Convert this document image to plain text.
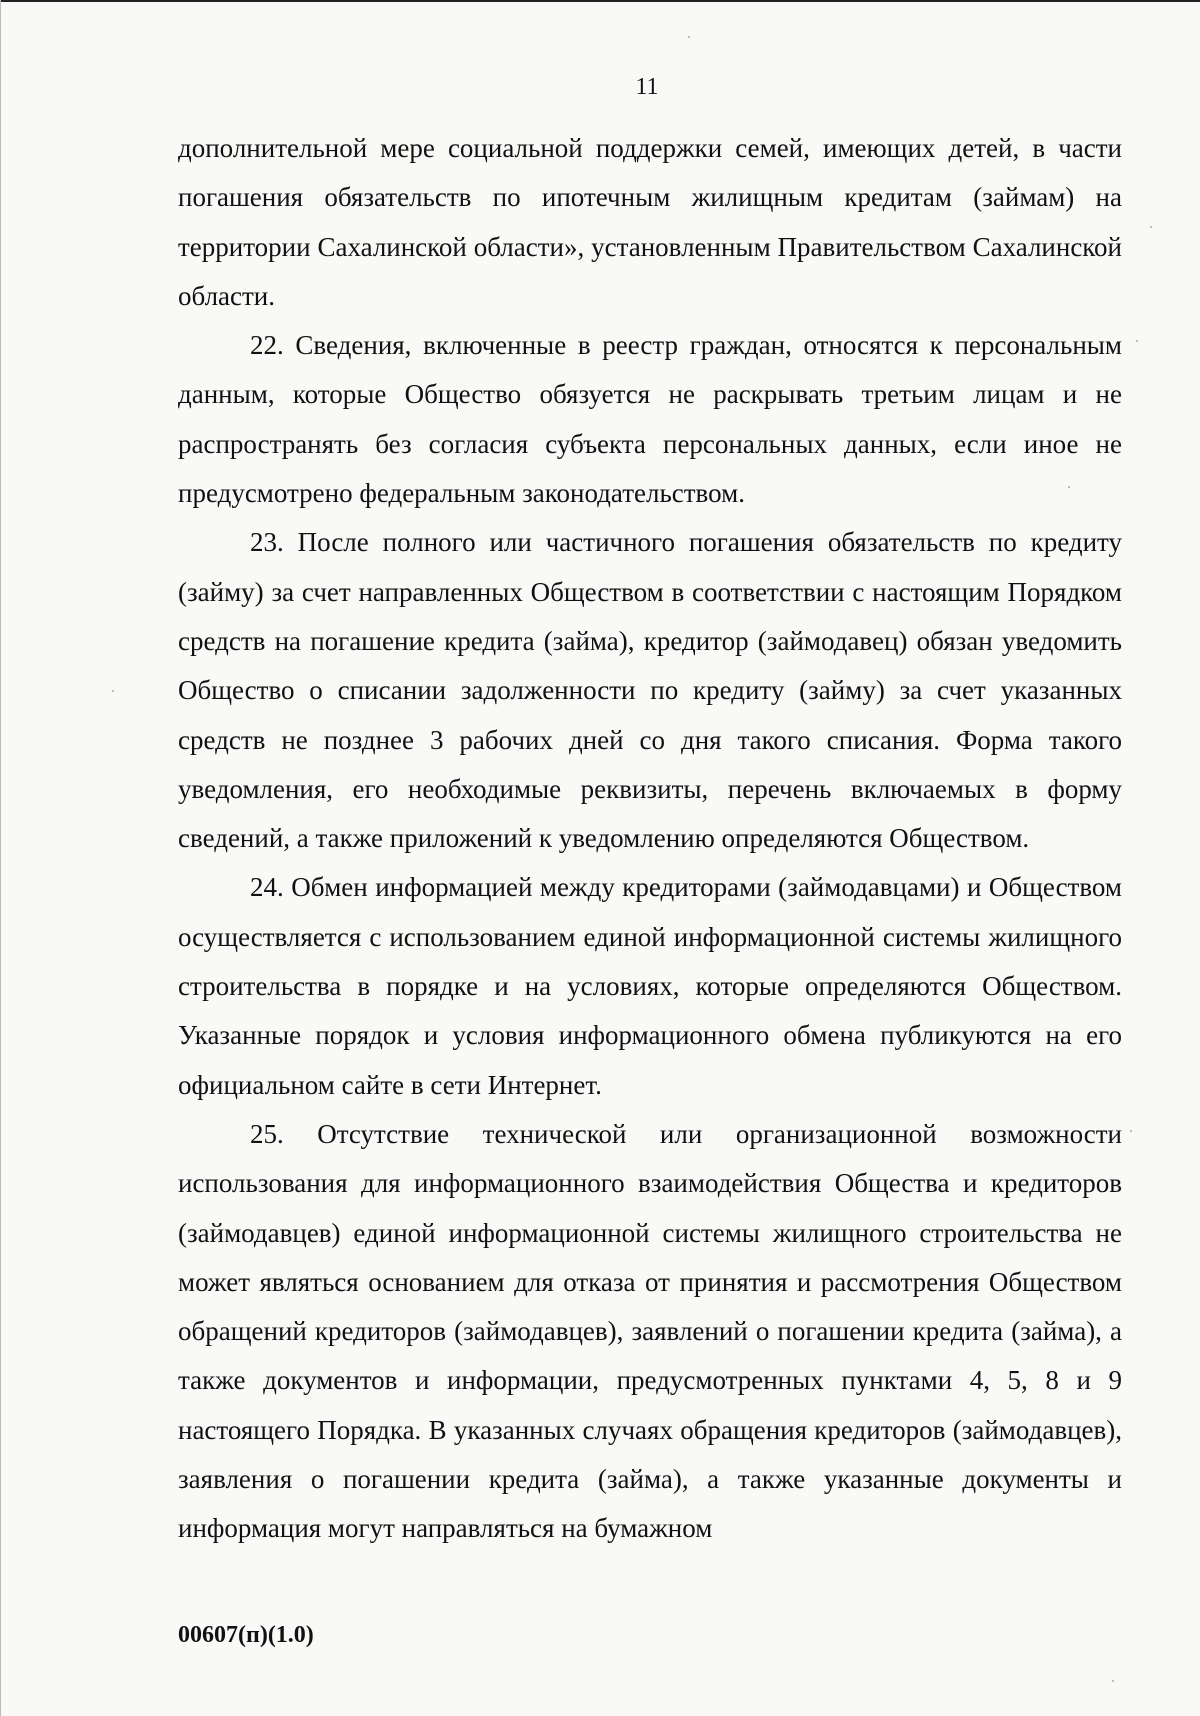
11

дополнительной мере социальной поддержки семей, имеющих детей, в части погашения обязательств по ипотечным жилищным кредитам (займам) на территории Сахалинской области», установленным Правительством Сахалинской области.

22. Сведения, включенные в реестр граждан, относятся к персональным данным, которые Общество обязуется не раскрывать третьим лицам и не распространять без согласия субъекта персональных данных, если иное не предусмотрено федеральным законодательством.

23. После полного или частичного погашения обязательств по кредиту (займу) за счет направленных Обществом в соответствии с настоящим Порядком средств на погашение кредита (займа), кредитор (займодавец) обязан уведомить Общество о списании задолженности по кредиту (займу) за счет указанных средств не позднее 3 рабочих дней со дня такого списания. Форма такого уведомления, его необходимые реквизиты, перечень включаемых в форму сведений, а также приложений к уведомлению определяются Обществом.

24. Обмен информацией между кредиторами (займодавцами) и Обществом осуществляется с использованием единой информационной системы жилищного строительства в порядке и на условиях, которые определяются Обществом. Указанные порядок и условия информационного обмена публикуются на его официальном сайте в сети Интернет.

25. Отсутствие технической или организационной возможности использования для информационного взаимодействия Общества и кредиторов (займодавцев) единой информационной системы жилищного строительства не может являться основанием для отказа от принятия и рассмотрения Обществом обращений кредиторов (займодавцев), заявлений о погашении кредита (займа), а также документов и информации, предусмотренных пунктами 4, 5, 8 и 9 настоящего Порядка. В указанных случаях обращения кредиторов (займодавцев), заявления о погашении кредита (займа), а также указанные документы и информация могут направляться на бумажном

00607(п)(1.0)
